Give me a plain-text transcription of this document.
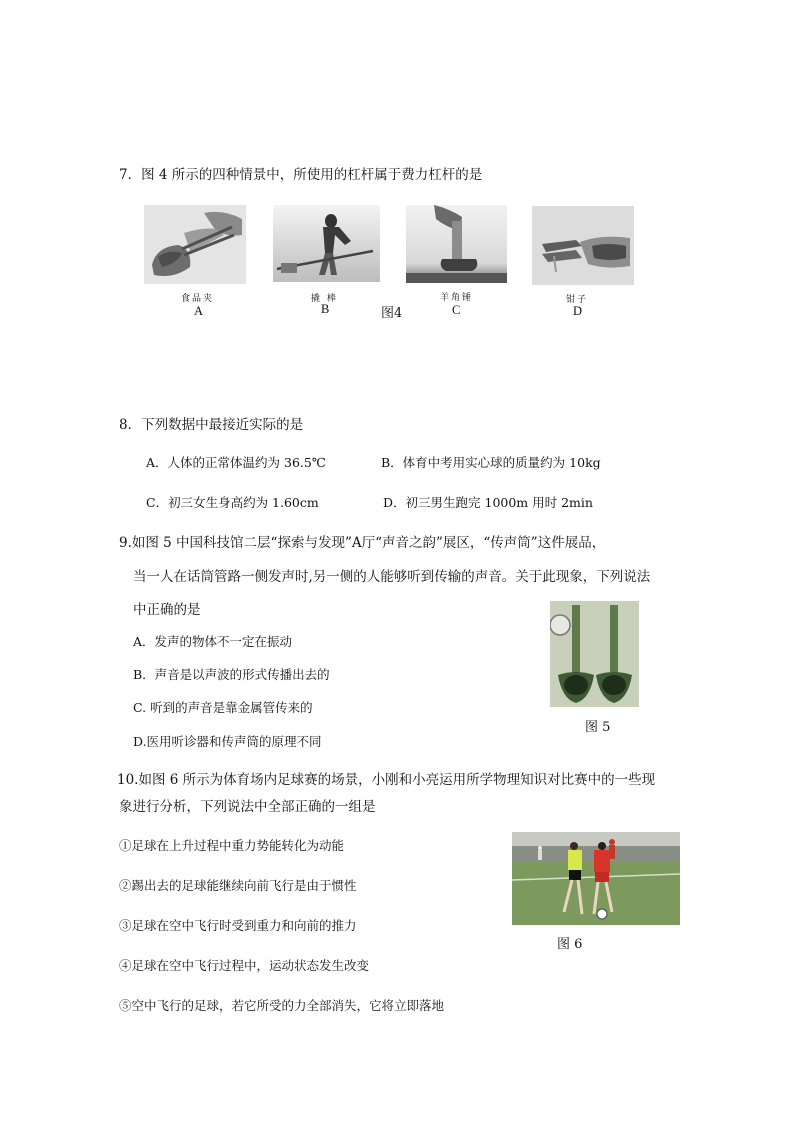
7．图 4 所示的四种情景中，所使用的杠杆属于费力杠杆的是
食品夹
A
撬 棒
B	图4
羊角锤
C
钳子
D
8．下列数据中最接近实际的是
A．人体的正常体温约为 36.5℃	B．体育中考用实心球的质量约为 10kg
C．初三女生身高约为 1.60cm	D．初三男生跑完 1000m 用时 2min
9.如图 5 中国科技馆二层“探索与发现”A厅“声音之韵”展区，“传声筒”这件展品，
当一人在话筒管路一侧发声时,另一侧的人能够听到传输的声音。关于此现象，下列说法
中正确的是
A．发声的物体不一定在振动
B．声音是以声波的形式传播出去的
C. 听到的声音是靠金属管传来的
D.医用听诊器和传声筒的原理不同
图 5
10.如图 6 所示为体育场内足球赛的场景，小刚和小亮运用所学物理知识对比赛中的一些现
象进行分析，下列说法中全部正确的一组是
①足球在上升过程中重力势能转化为动能
②踢出去的足球能继续向前飞行是由于惯性
③足球在空中飞行时受到重力和向前的推力
④足球在空中飞行过程中，运动状态发生改变
⑤空中飞行的足球，若它所受的力全部消失，它将立即落地
图 6
